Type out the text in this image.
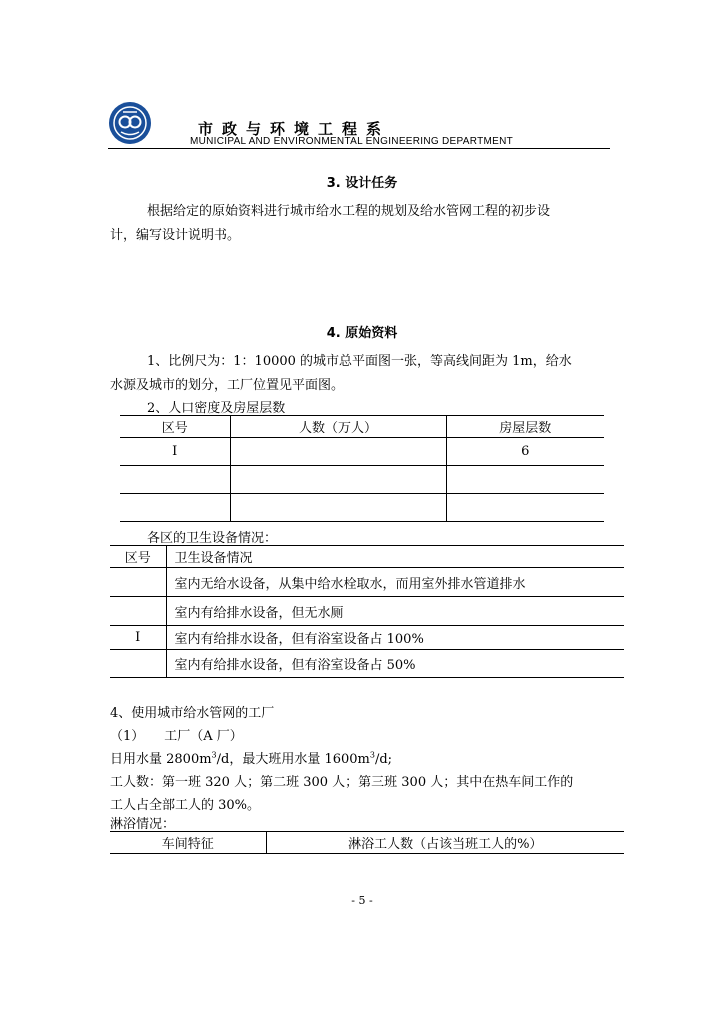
市政与环境工程系
MUNICIPAL AND ENVIRONMENTAL ENGINEERING DEPARTMENT
3. 设计任务
根据给定的原始资料进行城市给水工程的规划及给水管网工程的初步设
计，编写设计说明书。
4. 原始资料
1、比例尺为：1：10000 的城市总平面图一张，等高线间距为 1m，给水
水源及城市的划分，工厂位置见平面图。
2、人口密度及房屋层数
区号	人数（万人）	房屋层数
I		6

各区的卫生设备情况：
区号	卫生设备情况
	室内无给水设备，从集中给水栓取水，而用室外排水管道排水
	室内有给排水设备，但无水厕
I	室内有给排水设备，但有浴室设备占 100%
	室内有给排水设备，但有浴室设备占 50%
4、使用城市给水管网的工厂
（1） 工厂（A 厂）
日用水量 $2800m^3/d$，最大班用水量 $1600m^3/d$;
工人数：第一班 320 人；第二班 300 人；第三班 300 人；其中在热车间工作的
工人占全部工人的 30%。
淋浴情况：
车间特征	淋浴工人数（占该当班工人的%）
- 5 -
